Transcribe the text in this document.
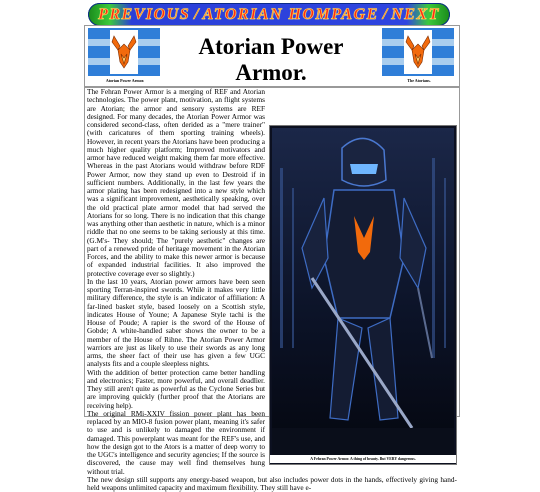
PREVIOUS / ATORIAN HOMPAGE / NEXT
Atorian Power Armor.
Atorian Power Armor.	The Atorians.
A Fehran Power Armor. A thing of beauty. But VERY dangerous.

The Fehran Power Armor is a merging of REF and Atorian technologies. The power plant, motivation, an flight systems are Atorian; the armor and sensory systems are REF designed. For many decades, the Atorian Power Armor was considered second-class, often derided as a "mere trainer" (with caricatures of them sporting training wheels). However, in recent years the Atorians have been producing a much higher quality platform; Improved motivators and armor have reduced weight making them far more effective. Whereas in the past Atorians would withdraw before RDF Power Armor, now they stand up even to Destroid if in sufficient numbers. Additionally, in the last few years the armor plating has been redesigned into a new style which was a significant improvement, aesthetically speaking, over the old practical plate armor model that had served the Atorians for so long. There is no indication that this change was anything other than aesthetic in nature, which is a minor riddle that no one seems to be taking seriously at this time. (G.M's- They should; The "purely aesthetic" changes are part of a renewed pride of heritage movement in the Atorian Forces, and the ability to make this newer armor is because of expanded industrial facilities. It also improved the protective coverage ever so slightly.)

In the last 10 years, Atorian power armors have been seen sporting Terran-inspired swords. While it makes very little military difference, the style is an indicator of affiliation: A far-lined basket style, based loosely on a Scottish style, indicates House of Youne; A Japanese Style tachi is the House of Poude; A rapier is the sword of the House of Gobde; A white-handled saber shows the owner to be a member of the House of Rihne. The Atorian Power Armor warriors are just as likely to use their swords as any long arms, the sheer fact of their use has given a few UGC analysts fits and a couple sleepless nights.

With the addition of better protection came better handling and electronics; Faster, more powerful, and overall deadlier. They still aren't quite as powerful as the Cyclone Series but are improving quickly (further proof that the Atorians are receiving help).

The original RMi-XXIV fission power plant has been replaced by an MIO-8 fusion power plant, meaning it's safer to use and is unlikely to damaged the environment if damaged. This powerplant was meant for the REF's use, and how the design got to the Ators is a matter of deep worry to the UGC's intelligence and security agencies; If the source is discovered, the cause may well find themselves hung without trial.

The new design still supports any energy-based weapon, but also includes power dots in the hands, effectively giving hand-held weapons unlimited capacity and maximum flexibility. They still have e-
